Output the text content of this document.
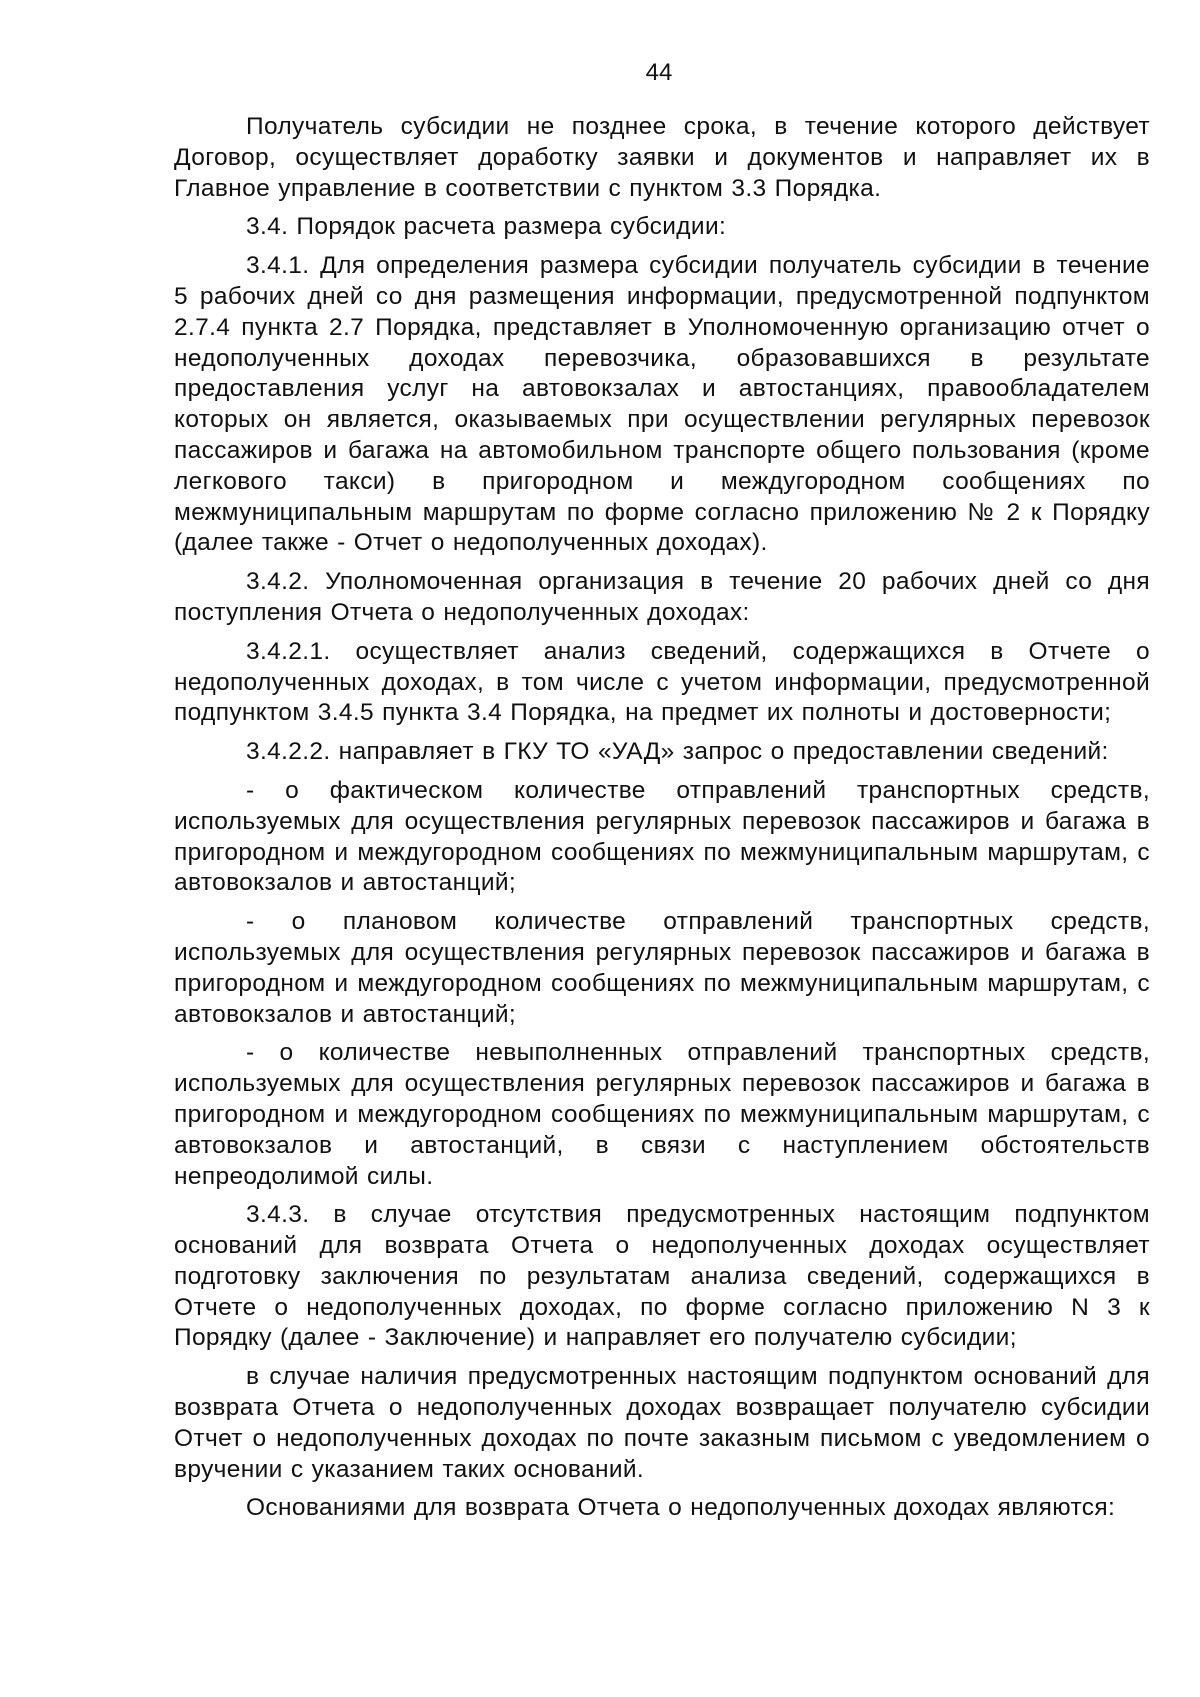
44

Получатель субсидии не позднее срока, в течение которого действует Договор, осуществляет доработку заявки и документов и направляет их в Главное управление в соответствии с пунктом 3.3 Порядка.

3.4. Порядок расчета размера субсидии:

3.4.1. Для определения размера субсидии получатель субсидии в течение 5 рабочих дней со дня размещения информации, предусмотренной подпунктом 2.7.4 пункта 2.7 Порядка, представляет в Уполномоченную организацию отчет о недополученных доходах перевозчика, образовавшихся в результате предоставления услуг на автовокзалах и автостанциях, правообладателем которых он является, оказываемых при осуществлении регулярных перевозок пассажиров и багажа на автомобильном транспорте общего пользования (кроме легкового такси) в пригородном и междугородном сообщениях по межмуниципальным маршрутам по форме согласно приложению № 2 к Порядку (далее также - Отчет о недополученных доходах).

3.4.2. Уполномоченная организация в течение 20 рабочих дней со дня поступления Отчета о недополученных доходах:

3.4.2.1. осуществляет анализ сведений, содержащихся в Отчете о недополученных доходах, в том числе с учетом информации, предусмотренной подпунктом 3.4.5 пункта 3.4 Порядка, на предмет их полноты и достоверности;

3.4.2.2. направляет в ГКУ ТО «УАД» запрос о предоставлении сведений:

- о фактическом количестве отправлений транспортных средств, используемых для осуществления регулярных перевозок пассажиров и багажа в пригородном и междугородном сообщениях по межмуниципальным маршрутам, с автовокзалов и автостанций;

- о плановом количестве отправлений транспортных средств, используемых для осуществления регулярных перевозок пассажиров и багажа в пригородном и междугородном сообщениях по межмуниципальным маршрутам, с автовокзалов и автостанций;

- о количестве невыполненных отправлений транспортных средств, используемых для осуществления регулярных перевозок пассажиров и багажа в пригородном и междугородном сообщениях по межмуниципальным маршрутам, с автовокзалов и автостанций, в связи с наступлением обстоятельств непреодолимой силы.

3.4.3. в случае отсутствия предусмотренных настоящим подпунктом оснований для возврата Отчета о недополученных доходах осуществляет подготовку заключения по результатам анализа сведений, содержащихся в Отчете о недополученных доходах, по форме согласно приложению N 3 к Порядку (далее - Заключение) и направляет его получателю субсидии;

в случае наличия предусмотренных настоящим подпунктом оснований для возврата Отчета о недополученных доходах возвращает получателю субсидии Отчет о недополученных доходах по почте заказным письмом с уведомлением о вручении с указанием таких оснований.

Основаниями для возврата Отчета о недополученных доходах являются:
